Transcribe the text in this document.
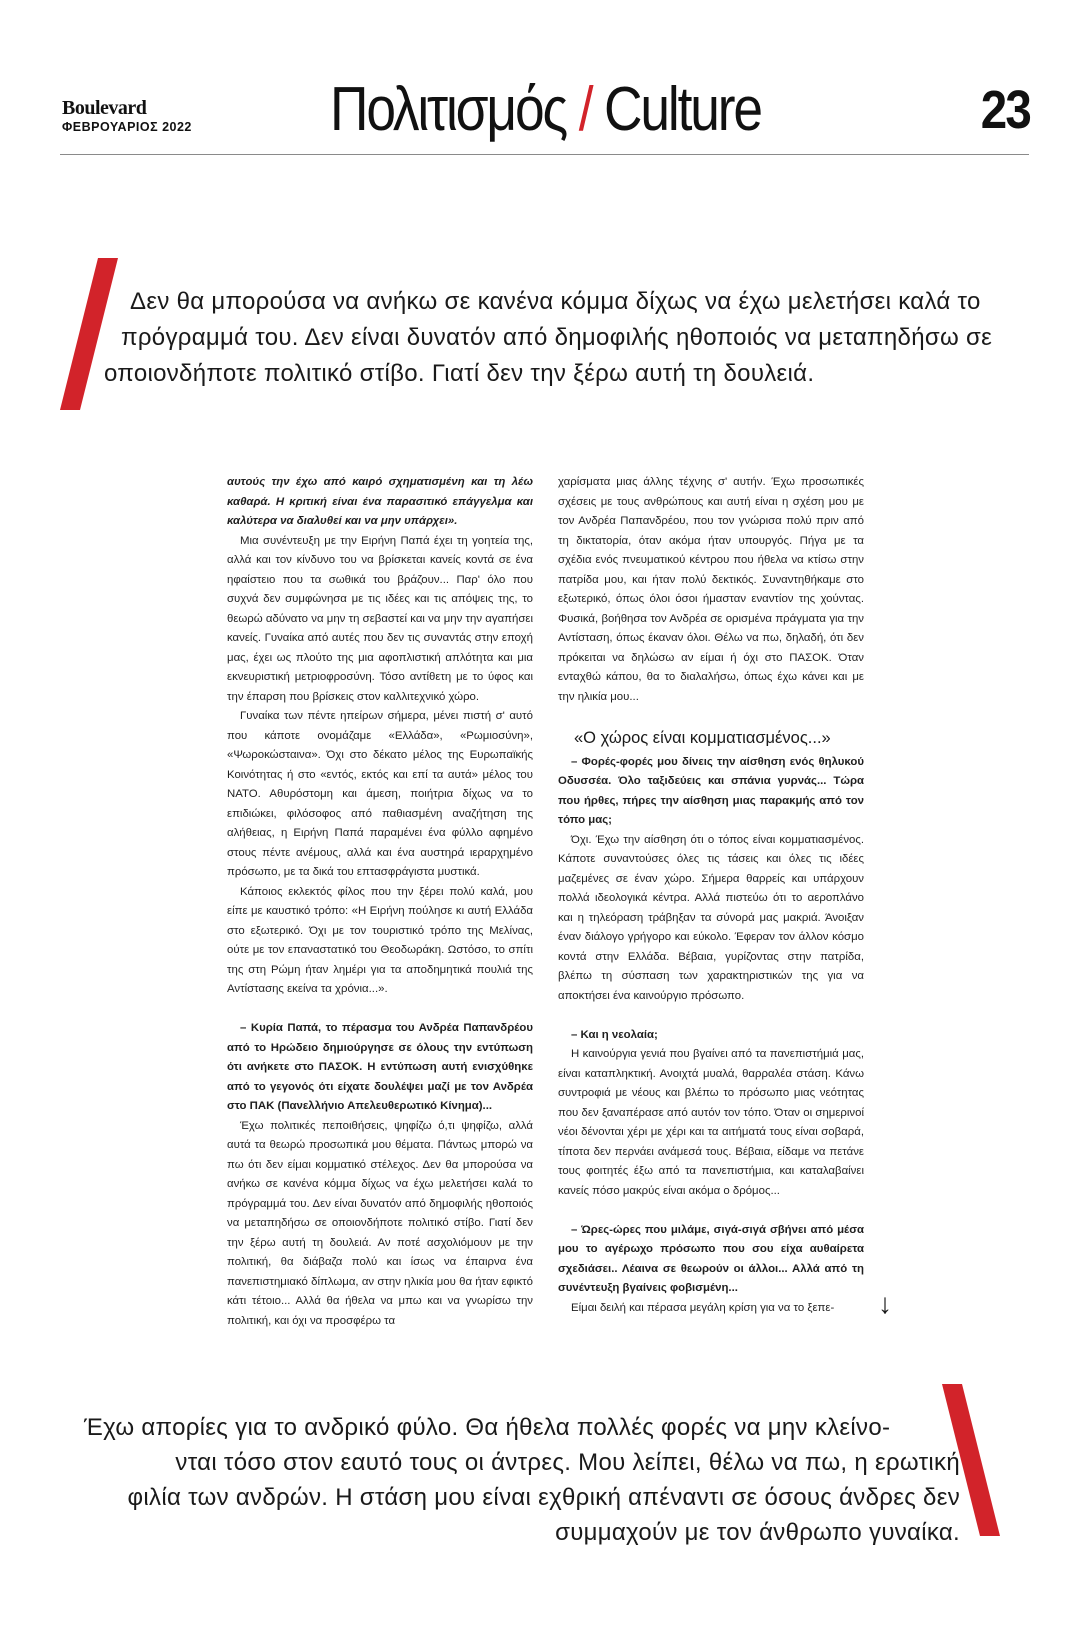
Boulevard
ΦΕΒΡΟΥΑΡΙΟΣ 2022 Πολιτισμός / Culture	23
Δεν θα μπορούσα να ανήκω σε κανένα κόμμα δίχως να έχω μελετήσει καλά το
πρόγραμμά του. Δεν είναι δυνατόν από δημοφιλής ηθοποιός να μεταπηδήσω σε
οποιονδήποτε πολιτικό στίβο. Γιατί δεν την ξέρω αυτή τη δουλειά.

αυτούς την έχω από καιρό σχηματισμένη και τη λέω καθαρά. Η κριτική είναι ένα παρασιτικό επάγγελμα και καλύτερα να διαλυθεί και να μην υπάρχει».

Μια συνέντευξη με την Ειρήνη Παπά έχει τη γοητεία της, αλλά και τον κίνδυνο του να βρίσκεται κανείς κοντά σε ένα ηφαίστειο που τα σωθικά του βράζουν... Παρ' όλο που συχνά δεν συμφώνησα με τις ιδέες και τις απόψεις της, το θεωρώ αδύνατο να μην τη σεβαστεί και να μην την αγαπήσει κανείς. Γυναίκα από αυτές που δεν τις συναντάς στην εποχή μας, έχει ως πλούτο της μια αφοπλιστική απλότητα και μια εκνευριστική μετριοφροσύνη. Τόσο αντίθετη με το ύφος και την έπαρση που βρίσκεις στον καλλιτεχνικό χώρο.

Γυναίκα των πέντε ηπείρων σήμερα, μένει πιστή σ' αυτό που κάποτε ονομάζαμε «Ελλάδα», «Ρωμιοσύνη», «Ψωροκώσταινα». Όχι στο δέκατο μέλος της Ευρωπαϊκής Κοινότητας ή στο «εντός, εκτός και επί τα αυτά» μέλος του ΝΑΤΟ. Αθυρόστομη και άμεση, ποιήτρια δίχως να το επιδιώκει, φιλόσοφος από παθιασμένη αναζήτηση της αλήθειας, η Ειρήνη Παπά παραμένει ένα φύλλο αφημένο στους πέντε ανέμους, αλλά και ένα αυστηρά ιεραρχημένο πρόσωπο, με τα δικά του επτασφράγιστα μυστικά.

Κάποιος εκλεκτός φίλος που την ξέρει πολύ καλά, μου είπε με καυστικό τρόπο: «Η Ειρήνη πούλησε κι αυτή Ελλάδα στο εξωτερικό. Όχι με τον τουριστικό τρόπο της Μελίνας, ούτε με τον επαναστατικό του Θεοδωράκη. Ωστόσο, το σπίτι της στη Ρώμη ήταν λημέρι για τα αποδημητικά πουλιά της Αντίστασης εκείνα τα χρόνια...».

– Κυρία Παπά, το πέρασμα του Ανδρέα Παπανδρέου από το Ηρώδειο δημιούργησε σε όλους την εντύπωση ότι ανήκετε στο ΠΑΣΟΚ. Η εντύπωση αυτή ενισχύθηκε από το γεγονός ότι είχατε δουλέψει μαζί με τον Ανδρέα στο ΠΑΚ (Πανελλήνιο Απελευθερωτικό Κίνημα)...

Έχω πολιτικές πεποιθήσεις, ψηφίζω ό,τι ψηφίζω, αλλά αυτά τα θεωρώ προσωπικά μου θέματα. Πάντως μπορώ να πω ότι δεν είμαι κομματικό στέλεχος. Δεν θα μπορούσα να ανήκω σε κανένα κόμμα δίχως να έχω μελετήσει καλά το πρόγραμμά του. Δεν είναι δυνατόν από δημοφιλής ηθοποιός να μεταπηδήσω σε οποιονδήποτε πολιτικό στίβο. Γιατί δεν την ξέρω αυτή τη δουλειά. Αν ποτέ ασχολιόμουν με την πολιτική, θα διάβαζα πολύ και ίσως να έπαιρνα ένα πανεπιστημιακό δίπλωμα, αν στην ηλικία μου θα ήταν εφικτό κάτι τέτοιο... Αλλά θα ήθελα να μπω και να γνωρίσω την πολιτική, και όχι να προσφέρω τα

χαρίσματα μιας άλλης τέχνης σ' αυτήν. Έχω προσωπικές σχέσεις με τους ανθρώπους και αυτή είναι η σχέση μου με τον Ανδρέα Παπανδρέου, που τον γνώρισα πολύ πριν από τη δικτατορία, όταν ακόμα ήταν υπουργός. Πήγα με τα σχέδια ενός πνευματικού κέντρου που ήθελα να κτίσω στην πατρίδα μου, και ήταν πολύ δεκτικός. Συναντηθήκαμε στο εξωτερικό, όπως όλοι όσοι ήμασταν εναντίον της χούντας. Φυσικά, βοήθησα τον Ανδρέα σε ορισμένα πράγματα για την Αντίσταση, όπως έκαναν όλοι. Θέλω να πω, δηλαδή, ότι δεν πρόκειται να δηλώσω αν είμαι ή όχι στο ΠΑΣΟΚ. Όταν ενταχθώ κάπου, θα το διαλαλήσω, όπως έχω κάνει και με την ηλικία μου...

«Ο χώρος είναι κομματιασμένος...»

– Φορές-φορές μου δίνεις την αίσθηση ενός θηλυκού Οδυσσέα. Όλο ταξιδεύεις και σπάνια γυρνάς... Τώρα που ήρθες, πήρες την αίσθηση μιας παρακμής από τον τόπο μας;

Όχι. Έχω την αίσθηση ότι ο τόπος είναι κομματιασμένος. Κάποτε συναντούσες όλες τις τάσεις και όλες τις ιδέες μαζεμένες σε έναν χώρο. Σήμερα θαρρείς και υπάρχουν πολλά ιδεολογικά κέντρα. Αλλά πιστεύω ότι το αεροπλάνο και η τηλεόραση τράβηξαν τα σύνορά μας μακριά. Άνοιξαν έναν διάλογο γρήγορο και εύκολο. Έφεραν τον άλλον κόσμο κοντά στην Ελλάδα. Βέβαια, γυρίζοντας στην πατρίδα, βλέπω τη σύσπαση των χαρακτηριστικών της για να αποκτήσει ένα καινούργιο πρόσωπο.

– Και η νεολαία;

Η καινούργια γενιά που βγαίνει από τα πανεπιστήμιά μας, είναι καταπληκτική. Ανοιχτά μυαλά, θαρραλέα στάση. Κάνω συντροφιά με νέους και βλέπω το πρόσωπο μιας νεότητας που δεν ξαναπέρασε από αυτόν τον τόπο. Όταν οι σημερινοί νέοι δένονται χέρι με χέρι και τα αιτήματά τους είναι σοβαρά, τίποτα δεν περνάει ανάμεσά τους. Βέβαια, είδαμε να πετάνε τους φοιτητές έξω από τα πανεπιστήμια, και καταλαβαίνει κανείς πόσο μακρύς είναι ακόμα ο δρόμος...

– Ώρες-ώρες που μιλάμε, σιγά-σιγά σβήνει από μέσα μου το αγέρωχο πρόσωπο που σου είχα αυθαίρετα σχεδιάσει.. Λέαινα σε θεωρούν οι άλλοι... Αλλά από τη συνέντευξη βγαίνεις φοβισμένη...

Είμαι δειλή και πέρασα μεγάλη κρίση για να το ξεπε-	↓
Έχω απορίες για το ανδρικό φύλο. Θα ήθελα πολλές φορές να μην κλείνο-
νται τόσο στον εαυτό τους οι άντρες. Μου λείπει, θέλω να πω, η ερωτική
φιλία των ανδρών. Η στάση μου είναι εχθρική απέναντι σε όσους άνδρες δεν
συμμαχούν με τον άνθρωπο γυναίκα.
